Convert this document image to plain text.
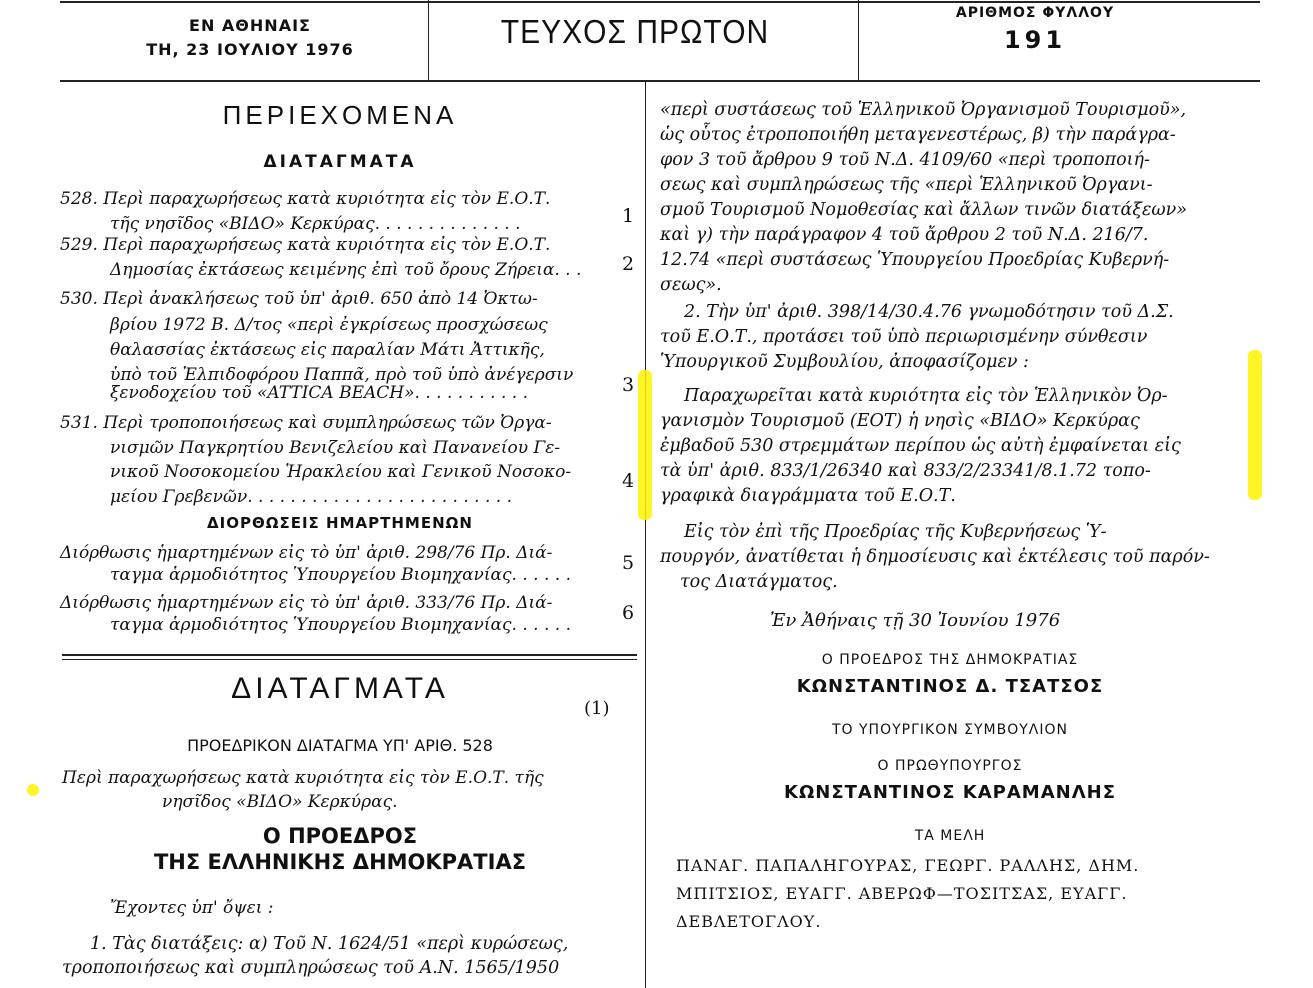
ΕΝ ΑΘΗΝΑΙΣ
ΤΗ, 23 ΙΟΥΛΙΟΥ 1976	ΤΕΥΧΟΣ ΠΡΩΤΟΝ
ΑΡΙΘΜΟΣ ΦΥΛΛΟΥ
191
ΠΕΡΙΕΧΟΜΕΝΑ
ΔΙΑΤΑΓΜΑΤΑ
528. Περὶ παραχωρήσεως κατὰ κυριότητα εἰς τὸν Ε.Ο.Τ.
τῆς νησῖδος «ΒΙΔΟ» Κερκύρας. . . . . . . . . . . . . .
529. Περὶ παραχωρήσεως κατὰ κυριότητα εἰς τὸν Ε.Ο.Τ.
Δημοσίας ἐκτάσεως κειμένης ἐπὶ τοῦ ὄρους Ζήρεια. . .
530. Περὶ ἀνακλήσεως τοῦ ὑπ' ἀριθ. 650 ἀπὸ 14 Ὀκτω-
βρίου 1972 Β. Δ/τος «περὶ ἐγκρίσεως προσχώσεως
θαλασσίας ἐκτάσεως εἰς παραλίαν Μάτι Ἀττικῆς,
ὑπὸ τοῦ Ἐλπιδοφόρου Παππᾶ, πρὸ τοῦ ὑπὸ ἀνέγερσιν
ξενοδοχείου τοῦ «ATTICA BEACH». . . . . . . . . . .
531. Περὶ τροποποιήσεως καὶ συμπληρώσεως τῶν Ὀργα-
νισμῶν Παγκρητίου Βενιζελείου καὶ Πανανείου Γε-
νικοῦ Νοσοκομείου Ἡρακλείου καὶ Γενικοῦ Νοσοκο-
μείου Γρεβενῶν. . . . . . . . . . . . . . . . . . . . . . . . .
1
2
3
4
ΔΙΟΡΘΩΣΕΙΣ ΗΜΑΡΤΗΜΕΝΩΝ
Διόρθωσις ἡμαρτημένων εἰς τὸ ὑπ' ἀριθ. 298/76 Πρ. Διά-
ταγμα ἁρμοδιότητος Ὑπουργείου Βιομηχανίας. . . . . .
Διόρθωσις ἡμαρτημένων εἰς τὸ ὑπ' ἀριθ. 333/76 Πρ. Διά-
ταγμα ἁρμοδιότητος Ὑπουργείου Βιομηχανίας. . . . . .
5
6
ΔΙΑΤΑΓΜΑΤΑ
(1)
ΠΡΟΕΔΡΙΚΟΝ ΔΙΑΤΑΓΜΑ ΥΠ' ΑΡΙΘ. 528
Περὶ παραχωρήσεως κατὰ κυριότητα εἰς τὸν Ε.Ο.Τ. τῆς
νησῖδος «ΒΙΔΟ» Κερκύρας.
Ο ΠΡΟΕΔΡΟΣ
ΤΗΣ ΕΛΛΗΝΙΚΗΣ ΔΗΜΟΚΡΑΤΙΑΣ
Ἔχοντες ὑπ' ὄψει :
1. Τὰς διατάξεις: α) Τοῦ Ν. 1624/51 «περὶ κυρώσεως,
τροποποιήσεως καὶ συμπληρώσεως τοῦ Α.Ν. 1565/1950
«περὶ συστάσεως τοῦ Ἑλληνικοῦ Ὀργανισμοῦ Τουρισμοῦ»,
ὡς οὗτος ἐτροποποιήθη μεταγενεστέρως, β) τὴν παράγρα-
φον 3 τοῦ ἄρθρου 9 τοῦ Ν.Δ. 4109/60 «περὶ τροποποιή-
σεως καὶ συμπληρώσεως τῆς «περὶ Ἑλληνικοῦ Ὀργανι-
σμοῦ Τουρισμοῦ Νομοθεσίας καὶ ἄλλων τινῶν διατάξεων»
καὶ γ) τὴν παράγραφον 4 τοῦ ἄρθρου 2 τοῦ Ν.Δ. 216/7.
12.74 «περὶ συστάσεως Ὑπουργείου Προεδρίας Κυβερνή-
σεως».
2. Τὴν ὑπ' ἀριθ. 398/14/30.4.76 γνωμοδότησιν τοῦ Δ.Σ.
τοῦ Ε.Ο.Τ., προτάσει τοῦ ὑπὸ περιωρισμένην σύνθεσιν
Ὑπουργικοῦ Συμβουλίου, ἀποφασίζομεν :
Παραχωρεῖται κατὰ κυριότητα εἰς τὸν Ἑλληνικὸν Ὀρ-
γανισμὸν Τουρισμοῦ (ΕΟΤ) ἡ νησὶς «ΒΙΔΟ» Κερκύρας
ἐμβαδοῦ 530 στρεμμάτων περίπου ὡς αὐτὴ ἐμφαίνεται εἰς
τὰ ὑπ' ἀριθ. 833/1/26340 καὶ 833/2/23341/8.1.72 τοπο-
γραφικὰ διαγράμματα τοῦ Ε.Ο.Τ.
Εἰς τὸν ἐπὶ τῆς Προεδρίας τῆς Κυβερνήσεως Ὑ-
πουργόν, ἀνατίθεται ἡ δημοσίευσις καὶ ἐκτέλεσις τοῦ παρόν-
τος Διατάγματος.
Ἐν Ἀθήναις τῇ 30 Ἰουνίου 1976
Ο ΠΡΟΕΔΡΟΣ ΤΗΣ ΔΗΜΟΚΡΑΤΙΑΣ
ΚΩΝΣΤΑΝΤΙΝΟΣ Δ. ΤΣΑΤΣΟΣ
ΤΟ ΥΠΟΥΡΓΙΚΟΝ ΣΥΜΒΟΥΛΙΟΝ
Ο ΠΡΩΘΥΠΟΥΡΓΟΣ
ΚΩΝΣΤΑΝΤΙΝΟΣ ΚΑΡΑΜΑΝΛΗΣ
ΤΑ ΜΕΛΗ
ΠΑΝΑΓ. ΠΑΠΑΛΗΓΟΥΡΑΣ, ΓΕΩΡΓ. ΡΑΛΛΗΣ, ΔΗΜ.
ΜΠΙΤΣΙΟΣ, ΕΥΑΓΓ. ΑΒΕΡΩΦ—ΤΟΣΙΤΣΑΣ, ΕΥΑΓΓ.
ΔΕΒΛΕΤΟΓΛΟΥ.
